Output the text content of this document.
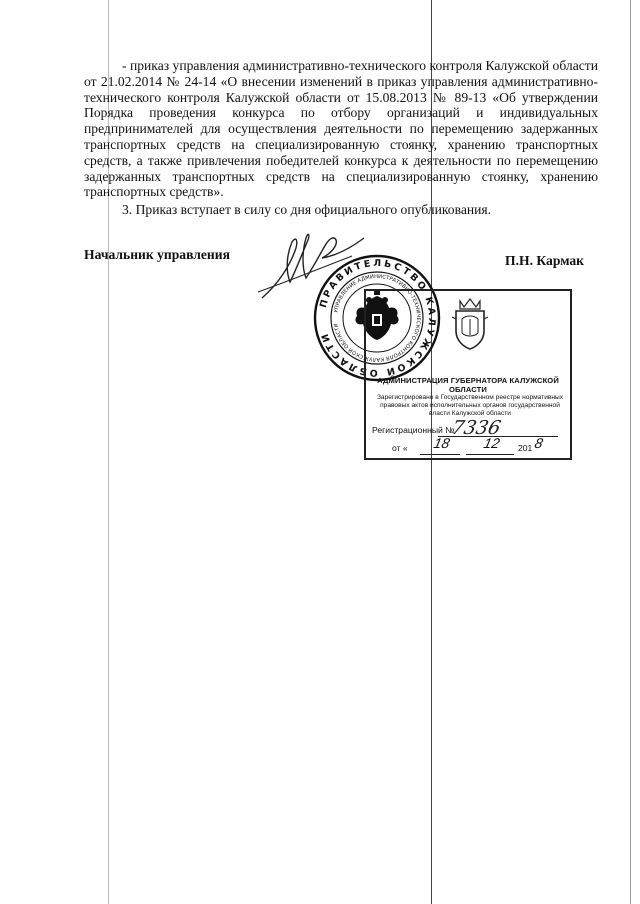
- приказ управления административно-технического контроля Калужской области от 21.02.2014 № 24-14 «О внесении изменений в приказ управления административно-технического контроля Калужской области от 15.08.2013 № 89-13 «Об утверждении Порядка проведения конкурса по отбору организаций и индивидуальных предпринимателей для осуществления деятельности по перемещению задержанных транспортных средств на специализированную стоянку, хранению транспортных средств, а также привлечения победителей конкурса к деятельности по перемещению задержанных транспортных средств на специализированную стоянку, хранению транспортных средств».

3. Приказ вступает в силу со дня официального опубликования.

Начальник управления	П.Н. Кармак
ПРАВИТЕЛЬСТВО КАЛУЖСКОЙ ОБЛАСТИ
УПРАВЛЕНИЕ АДМИНИСТРАТИВНО-ТЕХНИЧЕСКОГО КОНТРОЛЯ КАЛУЖСКОЙ ОБЛАСТИ
АДМИНИСТРАЦИЯ ГУБЕРНАТОРА КАЛУЖСКОЙ ОБЛАСТИ
Зарегистрировано в Государственном реестре нормативных правовых актов исполнительных органов государственной власти Калужской области
Регистрационный №
7336
от « 18 12 201 8
